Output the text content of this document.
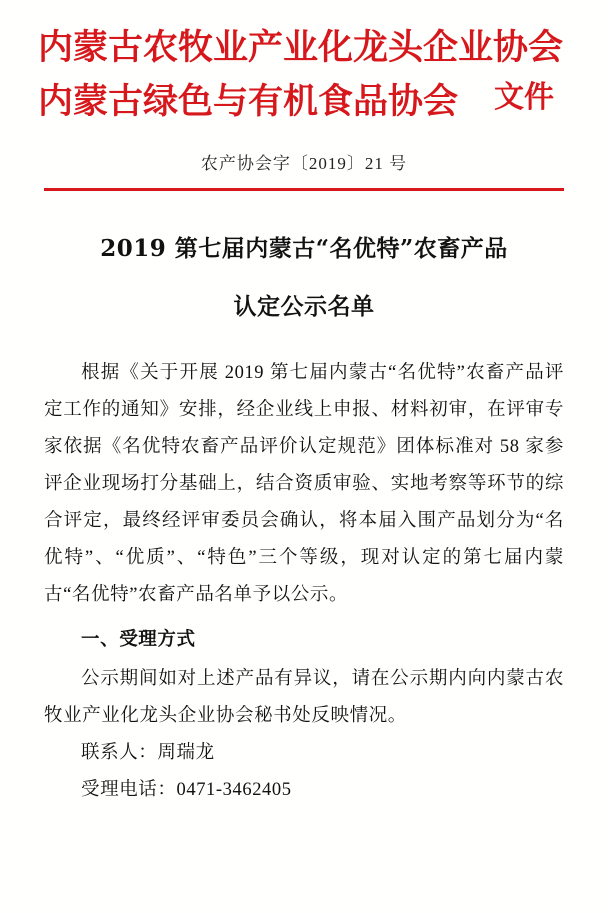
内蒙古农牧业产业化龙头企业协会
内蒙古绿色与有机食品协会	文件
农产协会字〔2019〕21 号
2019 第七届内蒙古“名优特”农畜产品
认定公示名单

根据《关于开展 2019 第七届内蒙古“名优特”农畜产品评定工作的通知》安排，经企业线上申报、材料初审，在评审专家依据《名优特农畜产品评价认定规范》团体标准对 58 家参评企业现场打分基础上，结合资质审验、实地考察等环节的综合评定，最终经评审委员会确认，将本届入围产品划分为“名优特”、“优质”、“特色”三个等级，现对认定的第七届内蒙古“名优特”农畜产品名单予以公示。

一、受理方式

公示期间如对上述产品有异议，请在公示期内向内蒙古农牧业产业化龙头企业协会秘书处反映情况。

联系人：周瑞龙

受理电话：0471-3462405
